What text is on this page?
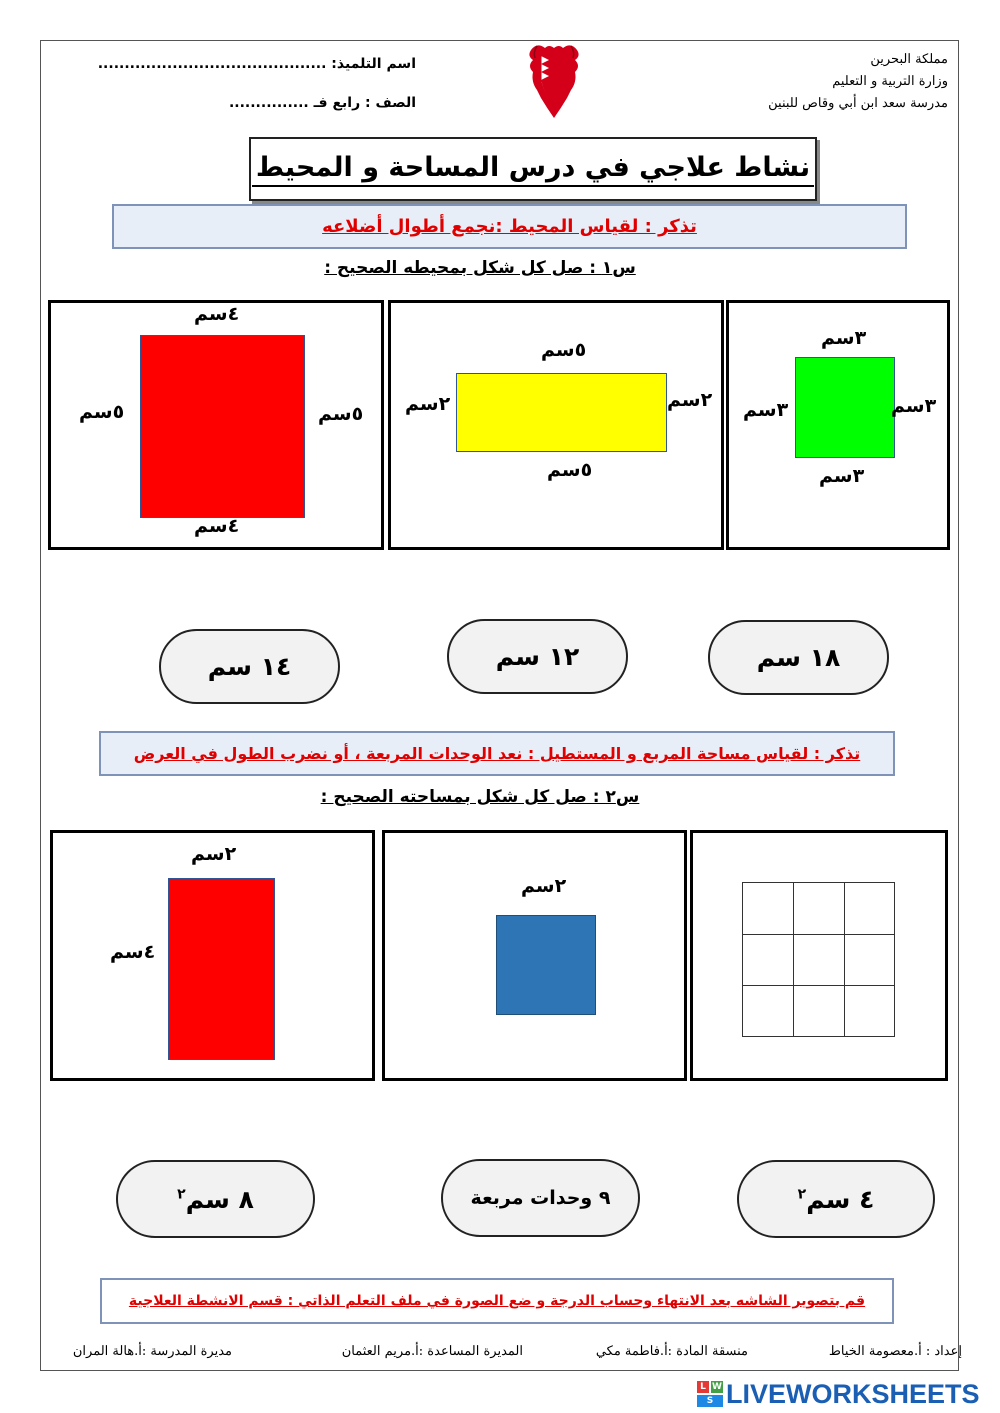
مملكة البحرين
وزارة التربية و التعليم
مدرسة سعد ابن أبي وقاص للبنين
اسم التلميذ: ...........................................
الصف : رابع فـ ...............
نشاط علاجي في درس المساحة و المحيط
تذكر : لقياس المحيط :نجمع أطوال أضلاعه
س١ : صل كل شكل بمحيطه الصحيح :
٤سم
٤سم
٥سم	٥سم
٥سم
٥سم
٢سم	٢سم
٣سم
٣سم
٣سم	٣سم
١٨ سم
١٢ سم
١٤ سم
تذكر : لقياس مساحة المربع و المستطيل : نعد الوحدات المربعة ، أو نضرب الطول في العرض
س٢ : صل كل شكل بمساحته الصحيح :
٢سم
٤سم
٢سم
٤ سم$^٢$
٩ وحدات مربعة
٨ سم$^٢$
قم بتصوير الشاشه بعد الانتهاء وحساب الدرجة و ضع الصورة في ملف التعلم الذاتي : قسم الانشطة العلاجية
إعداد : أ.معصومة الخياط
منسقة المادة :أ.فاطمة مكي
المديرة المساعدة :أ.مريم العثمان
مديرة المدرسة :أ.هالة المران
L W
S LIVEWORKSHEETS
